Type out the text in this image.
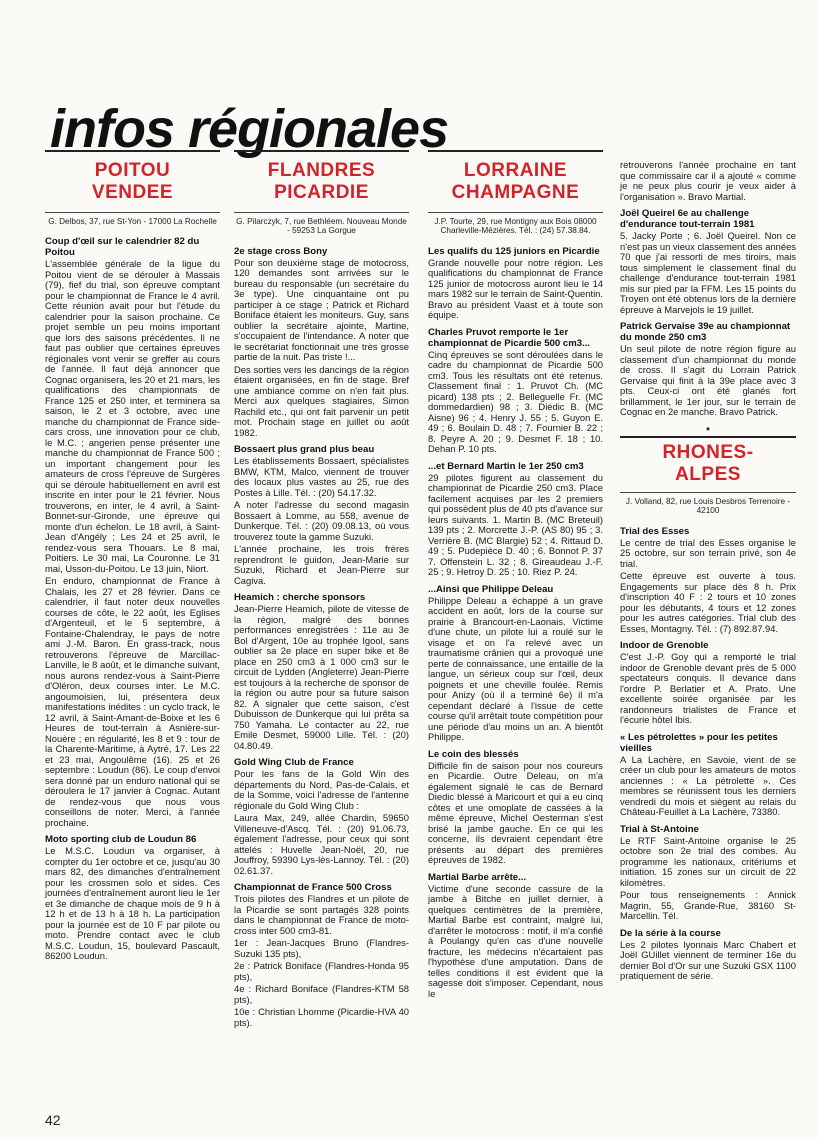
infos régionales
POITOU
VENDEE
G. Delbos, 37, rue St-Yon - 17000 La Rochelle
Coup d'œil sur le calendrier 82 du Poitou

L'assemblée générale de la ligue du Poitou vient de se dérouler à Massais (79), fief du trial, son épreuve comptant pour le championnat de France le 4 avril. Cette réunion avait pour but l'étude du calendrier pour la saison prochaine. Ce projet semble un peu moins important que lors des saisons précédentes. Il ne faut pas oublier que certaines épreuves régionales vont venir se greffer au cours de l'année. Il faut déjà annoncer que Cognac organisera, les 20 et 21 mars, les qualifications des championnats de France 125 et 250 inter, et terminera sa saison, le 2 et 3 octobre, avec une manche du championnat de France side-cars cross, une innovation pour ce club, le M.C. ; angerien pense présenter une manche du championnat de France 500 ; un important changement pour les amateurs de cross l'épreuve de Surgères qui se déroule habituellement en avril est inscrite en inter pour le 21 février. Nous trouverons, en inter, le 4 avril, à Saint-Bonnet-sur-Gironde, une épreuve qui monte d'un échelon. Le 18 avril, à Saint-Jean d'Angély ; Les 24 et 25 avril, le rendez-vous sera Thouars. Le 8 mai, Poitiers. Le 30 mai, La Couronne. Le 31 mai, Usson-du-Poitou. Le 13 juin, Niort.

En enduro, championnat de France à Chalais, les 27 et 28 février. Dans ce calendrier, il faut noter deux nouvelles courses de côte, le 22 août, les Eglises d'Argenteuil, et le 5 septembre, à Fontaine-Chalendray, le pays de notre ami J.-M. Baron. En grass-track, nous retrouverons l'épreuve de Marcillac-Lanville, le 8 août, et le dimanche suivant, nous aurons rendez-vous à Saint-Pierre d'Oléron, deux courses inter. Le M.C. angoumoisien, lui, présentera deux manifestations inédites : un cyclo track, le 12 avril, à Saint-Amant-de-Boixe et les 6 Heures de tout-terrain à Asnière-sur-Nouère ; en régularité, les 8 et 9 : tour de la Charente-Maritime, à Aytré, 17. Les 22 et 23 mai, Angoulême (16). 25 et 26 septembre : Loudun (86). Le coup d'envoi sera donné par un enduro national qui se déroulera le 17 janvier à Cognac. Autant de rendez-vous que nous vous conseillons de noter. Merci, à l'année prochaine.

Moto sporting club de Loudun 86

Le M.S.C. Loudun va organiser, à compter du 1er octobre et ce, jusqu'au 30 mars 82, des dimanches d'entraînement pour les crossmen solo et sides. Ces journées d'entraînement auront lieu le 1er et 3e dimanche de chaque mois de 9 h à 12 h et de 13 h à 18 h. La participation pour la journée est de 10 F par pilote ou moto. Prendre contact avec le club M.S.C. Loudun, 15, boulevard Pascault, 86200 Loudun.

FLANDRES
PICARDIE
G. Pilarczyk, 7, rue Bethléem. Nouveau Monde - 59253 La Gorgue
2e stage cross Bony

Pour son deuxième stage de motocross, 120 demandes sont arrivées sur le bureau du responsable (un secrétaire du 3e type). Une cinquantaine ont pu participer à ce stage ; Patrick et Richard Boniface étaient les moniteurs. Guy, sans oublier la secrétaire ajointe, Martine, s'occupaient de l'intendance. A noter que le secrétariat fonctionnait une très grosse partie de la nuit. Pas triste !...

Des sorties vers les dancings de la région étaient organisées, en fin de stage. Bref une ambiance comme on n'en fait plus. Merci aux quelques stagiaires, Simon Rachild etc., qui ont fait parvenir un petit mot. Prochain stage en juillet ou août 1982.

Bossaert plus grand plus beau

Les établissements Bossaert, spécialistes BMW, KTM, Malco, viennent de trouver des locaux plus vastes au 25, rue des Postes à Lille. Tél. : (20) 54.17.32.

A noter l'adresse du second magasin Bossaert à Lomme, au 558, avenue de Dunkerque. Tél. : (20) 09.08.13, où vous trouverez toute la gamme Suzuki.

L'année prochaine, les trois frères reprendront le guidon, Jean-Marie sur Suzuki, Richard et Jean-Pierre sur Cagiva.

Heamich : cherche sponsors

Jean-Pierre Heamich, pilote de vitesse de la région, malgré des bonnes performances enregistrées : 11e au 3e Bol d'Argent, 10e au trophée Igool, sans oublier sa 2e place en super bike et 8e place en 250 cm3 à 1 000 cm3 sur le circuit de Lydden (Angleterre) Jean-Pierre est toujours à la recherche de sponsor de la région ou autre pour sa future saison 82. A signaler que cette saison, c'est Dubuisson de Dunkerque qui lui prêta sa 750 Yamaha. Le contacter au 22, rue Emile Desmet, 59000 Lille. Tél. : (20) 04.80.49.

Gold Wing Club de France

Pour les fans de la Gold Win des départements du Nord, Pas-de-Calais, et de la Somme, voici l'adresse de l'antenne régionale du Gold Wing Club :

Laura Max, 249, allée Chardin, 59650 Villeneuve-d'Ascq. Tél. : (20) 91.06.73, également l'adresse, pour ceux qui sont attelés : Huvelle Jean-Noël, 20, rue Jouffroy, 59390 Lys-lès-Lannoy. Tél. : (20) 02.61.37.

Championnat de France 500 Cross

Trois pilotes des Flandres et un pilote de la Picardie se sont partagés 328 points dans le championnat de France de moto-cross inter 500 cm3-81.

1er : Jean-Jacques Bruno (Flandres-Suzuki 135 pts),

2e : Patrick Boniface (Flandres-Honda 95 pts),

4e : Richard Boniface (Flandres-KTM 58 pts),

10e : Christian Lhomme (Picardie-HVA 40 pts).

LORRAINE
CHAMPAGNE
J.P. Tourte, 29, rue Montigny aux Bois 08000 Charleville-Mézières. Tél. : (24) 57.38.84.
Les qualifs du 125 juniors en Picardie

Grande nouvelle pour notre région. Les qualifications du championnat de France 125 junior de motocross auront lieu le 14 mars 1982 sur le terrain de Saint-Quentin. Bravo au président Vaast et à toute son équipe.

Charles Pruvot remporte le 1er championnat de Picardie 500 cm3...

Cinq épreuves se sont déroulées dans le cadre du championnat de Picardie 500 cm3. Tous les résultats ont été retenus. Classement final : 1. Pruvot Ch. (MC picard) 138 pts ; 2. Belleguelle Fr. (MC dommedardien) 98 ; 3. Diédic B. (MC Aisne) 96 ; 4. Henry J. 55 ; 5. Guyon E. 49 ; 6. Boulain D. 48 ; 7. Fournier B. 22 ; 8. Peyre A. 20 ; 9. Desmet F. 18 ; 10. Dehan P. 10 pts.

...et Bernard Martin le 1er 250 cm3

29 pilotes figurent au classement du championnat de Picardie 250 cm3. Place facilement acquises par les 2 premiers qui possèdent plus de 40 pts d'avance sur leurs suivants. 1. Martin B. (MC Breteuil) 139 pts ; 2. Morcrette J.-P. (AS 80) 95 ; 3. Verrière B. (MC Blargie) 52 ; 4. Rittaud D. 49 ; 5. Pudepièce D. 40 ; 6. Bonnot P. 37 7. Offenstein L. 32 ; 8. Gireaudeau J.-F. 25 ; 9. Hetroy D. 25 ; 10. Riez P. 24.

...Ainsi que Philippe Deleau

Philippe Deleau a échappé à un grave accident en août, lors de la course sur prairie à Brancourt-en-Laonais. Victime d'une chute, un pilote lui a roulé sur le visage et on l'a relevé avec un traumatisme crânien qui a provoqué une perte de connaissance, une entaille de la langue, un sérieux coup sur l'œil, deux poignets et une cheville foulée. Remis pour Anizy (où il a terminé 6e) il m'a cependant déclaré à l'issue de cette course qu'il arrêtait toute compétition pour une période d'au moins un an. A bientôt Philippe.

Le coin des blessés

Difficile fin de saison pour nos coureurs en Picardie. Outre Deleau, on m'a également signalé le cas de Bernard Diedic blessé à Maricourt et qui a eu cinq côtes et une omoplate de cassées à la même épreuve, Michel Oesterman s'est brisé la jambe gauche. En ce qui les concerne, ils devraient cependant être présents au départ des premières épreuves de 1982.

Martial Barbe arrête...

Victime d'une seconde cassure de la jambe à Bitche en juillet dernier, à quelques centimètres de la première, Martial Barbe est contraint, malgré lui, d'arrêter le motocross : motif, il m'a confié à Poulangy qu'en cas d'une nouvelle fracture, les médecins n'écartaient pas l'hypothèse d'une amputation. Dans de telles conditions il est évident que la sagesse doit s'imposer. Cependant, nous le

retrouverons l'année prochaine en tant que commissaire car il a ajouté « comme je ne peux plus courir je veux aider à l'organisation ». Bravo Martial.

Joël Queirel 6e au challenge d'endurance tout-terrain 1981

5. Jacky Porte ; 6. Joël Queirel. Non ce n'est pas un vieux classement des années 70 que j'ai ressorti de mes tiroirs, mais tous simplement le classement final du challenge d'endurance tout-terrain 1981 mis sur pied par la FFM. Les 15 points du Troyen ont été obtenus lors de la dernière épreuve à Marvejols le 19 juillet.

Patrick Gervaise 39e au championnat du monde 250 cm3

Un seul pilote de notre région figure au classement d'un championnat du monde de cross. Il s'agit du Lorrain Patrick Gervaise qui finit à la 39e place avec 3 pts. Ceux-ci ont été glanés fort brillamment, le 1er jour, sur le terrain de Cognac en 2e manche. Bravo Patrick.

•
RHONES-
ALPES
J. Volland, 82, rue Louis Desbros Terrenoire - 42100
Trial des Esses

Le centre de trial des Esses organise le 25 octobre, sur son terrain privé, son 4e trial.

Cette épreuve est ouverte à tous. Engagements sur place dès 8 h. Prix d'inscription 40 F : 2 tours et 10 zones pour les débutants, 4 tours et 12 zones pour les autres catégories. Trial club des Esses, Montagny. Tél. : (7) 892.87.94.

Indoor de Grenoble

C'est J.-P. Goy qui a remporté le trial indoor de Grenoble devant près de 5 000 spectateurs conquis. Il devance dans l'ordre P. Berlatier et A. Prato. Une excellente soirée organisée par les randonneurs trialistes de France et l'écurie hôtel Ibis.

« Les pétrolettes » pour les petites vieilles

A La Lachère, en Savoie, vient de se créer un club pour les amateurs de motos anciennes : « La pétrolette ». Ces membres se réunissent tous les derniers vendredi du mois et siègent au relais du Château-Feuillet à La Lachère, 73380.

Trial à St-Antoine

Le RTF Saint-Antoine organise le 25 octobre son 2e trial des combes. Au programme les nationaux, critériums et initiation. 15 zones sur un circuit de 22 kilomètres.

Pour tous renseignements : Annick Magrin, 55, Grande-Rue, 38160 St-Marcellin. Tél.

De la série à la course

Les 2 pilotes lyonnais Marc Chabert et Joël GUillet viennent de terminer 16e du dernier Bol d'Or sur une Suzuki GSX 1100 pratiquement de série.

42
